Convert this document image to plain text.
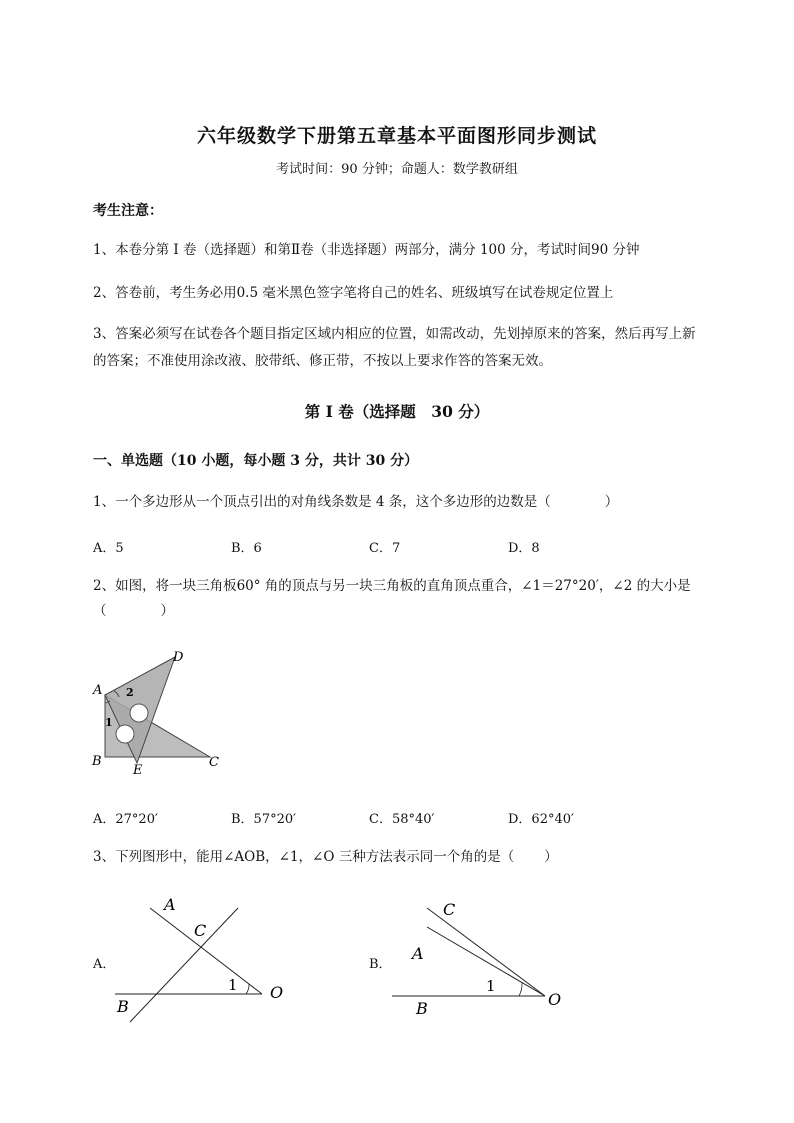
六年级数学下册第五章基本平面图形同步测试
考试时间：90 分钟；命题人：数学教研组
考生注意：
1、本卷分第 I 卷（选择题）和第Ⅱ卷（非选择题）两部分，满分 100 分，考试时间90 分钟
2、答卷前，考生务必用0.5 毫米黑色签字笔将自己的姓名、班级填写在试卷规定位置上
3、答案必须写在试卷各个题目指定区域内相应的位置，如需改动，先划掉原来的答案，然后再写上新
的答案；不准使用涂改液、胶带纸、修正带，不按以上要求作答的答案无效。
第 I 卷（选择题　30 分）
一、单选题（10 小题，每小题 3 分，共计 30 分）
1、一个多边形从一个顶点引出的对角线条数是 4 条，这个多边形的边数是（	）
A．5	B．6	C．7	D．8
2、如图，将一块三角板60° 角的顶点与另一块三角板的直角顶点重合，∠1＝27°20′，∠2 的大小是
（	）
A
D
B
E
C
2
1
A．27°20′	B．57°20′	C．58°40′	D．62°40′
3、下列图形中，能用∠AOB，∠1，∠O 三种方法表示同一个角的是（ ）
A．
A
C
B
O
1
B．
C
A
B	O
1
